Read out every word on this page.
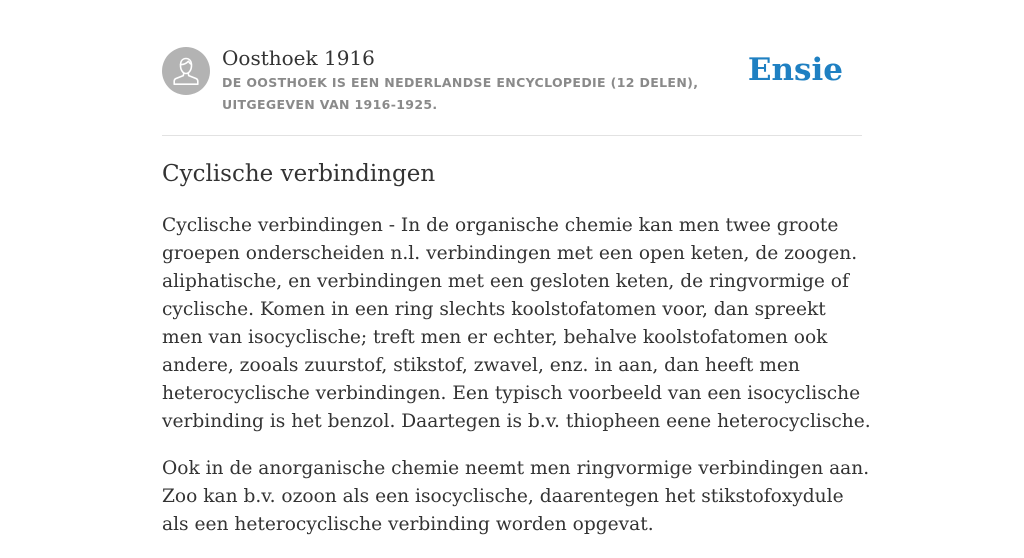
Oosthoek 1916
DE OOSTHOEK IS EEN NEDERLANDSE ENCYCLOPEDIE (12 DELEN), UITGEGEVEN VAN 1916-1925.
Ensie
Cyclische verbindingen

Cyclische verbindingen - In de organische chemie kan men twee groote groepen onderscheiden n.l. verbindingen met een open keten, de zoogen. aliphatische, en verbindingen met een gesloten keten, de ringvormige of cyclische. Komen in een ring slechts koolstofatomen voor, dan spreekt men van isocyclische; treft men er echter, behalve koolstofatomen ook andere, zooals zuurstof, stikstof, zwavel, enz. in aan, dan heeft men heterocyclische verbindingen. Een typisch voorbeeld van een isocyclische verbinding is het benzol. Daartegen is b.v. thiopheen eene heterocyclische.

Ook in de anorganische chemie neemt men ringvormige verbindingen aan. Zoo kan b.v. ozoon als een isocyclische, daarentegen het stikstofoxydule als een heterocyclische verbinding worden opgevat.
